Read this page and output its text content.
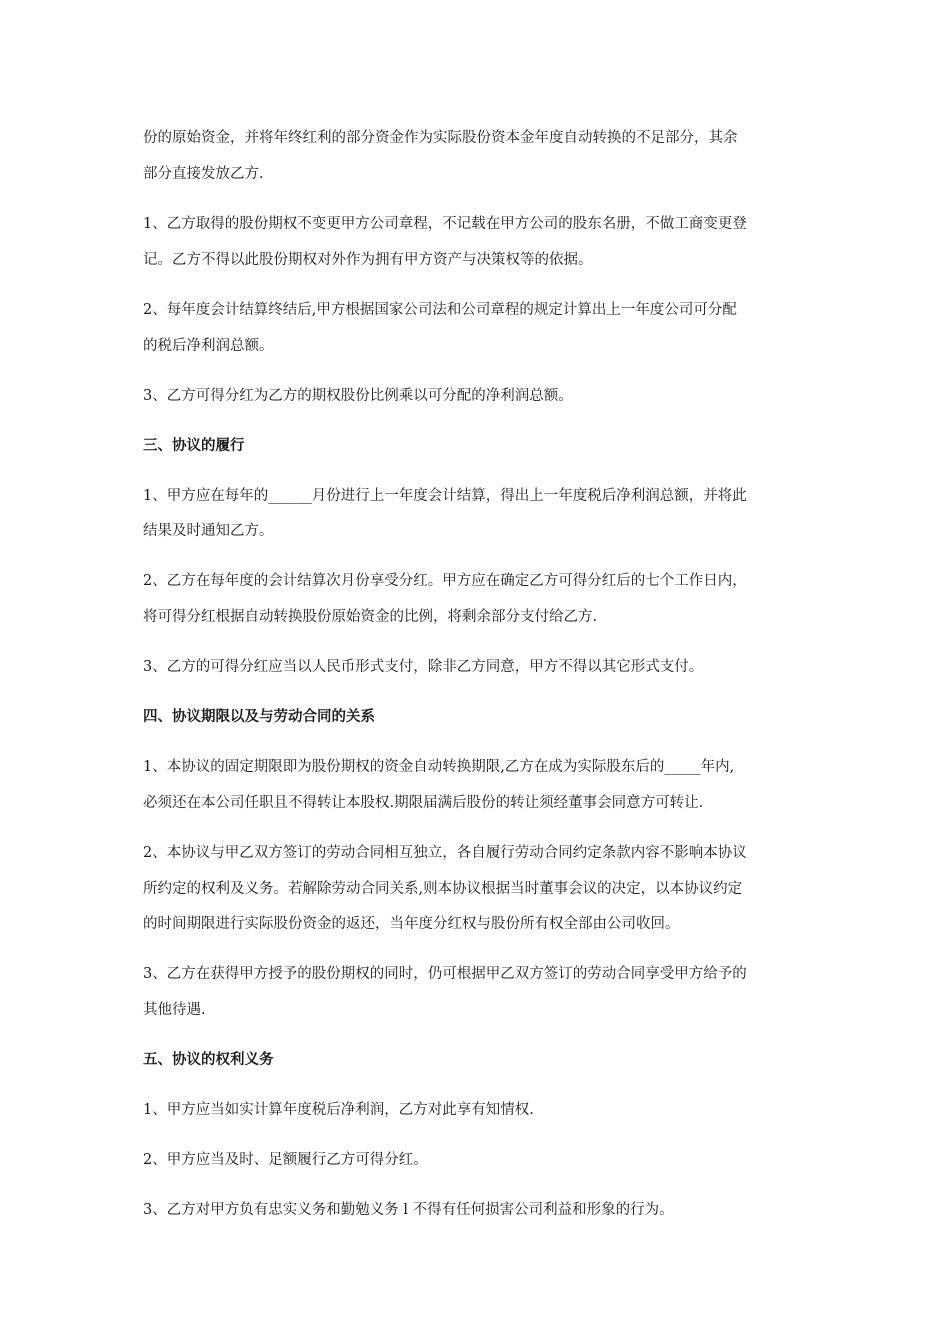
份的原始资金，并将年终红利的部分资金作为实际股份资本金年度自动转换的不足部分，其余
部分直接发放乙方.
1、乙方取得的股份期权不变更甲方公司章程，不记载在甲方公司的股东名册，不做工商变更登
记。乙方不得以此股份期权对外作为拥有甲方资产与决策权等的依据。
2、每年度会计结算终结后,甲方根据国家公司法和公司章程的规定计算出上一年度公司可分配
的税后净利润总额。
3、乙方可得分红为乙方的期权股份比例乘以可分配的净利润总额。
三、协议的履行
1、甲方应在每年的______月份进行上一年度会计结算，得出上一年度税后净利润总额，并将此
结果及时通知乙方。
2、乙方在每年度的会计结算次月份享受分红。甲方应在确定乙方可得分红后的七个工作日内，
将可得分红根据自动转换股份原始资金的比例，将剩余部分支付给乙方.
3、乙方的可得分红应当以人民币形式支付，除非乙方同意，甲方不得以其它形式支付。
四、协议期限以及与劳动合同的关系
1、本协议的固定期限即为股份期权的资金自动转换期限,乙方在成为实际股东后的_____年内,
必须还在本公司任职且不得转让本股权.期限届满后股份的转让须经董事会同意方可转让.
2、本协议与甲乙双方签订的劳动合同相互独立，各自履行劳动合同约定条款内容不影响本协议
所约定的权利及义务。若解除劳动合同关系,则本协议根据当时董事会议的决定，以本协议约定
的时间期限进行实际股份资金的返还，当年度分红权与股份所有权全部由公司收回。
3、乙方在获得甲方授予的股份期权的同时，仍可根据甲乙双方签订的劳动合同享受甲方给予的
其他待遇.
五、协议的权利义务
1、甲方应当如实计算年度税后净利润，乙方对此享有知情权.
2、甲方应当及时、足额履行乙方可得分红。
3、乙方对甲方负有忠实义务和勤勉义务 l 不得有任何损害公司利益和形象的行为。
